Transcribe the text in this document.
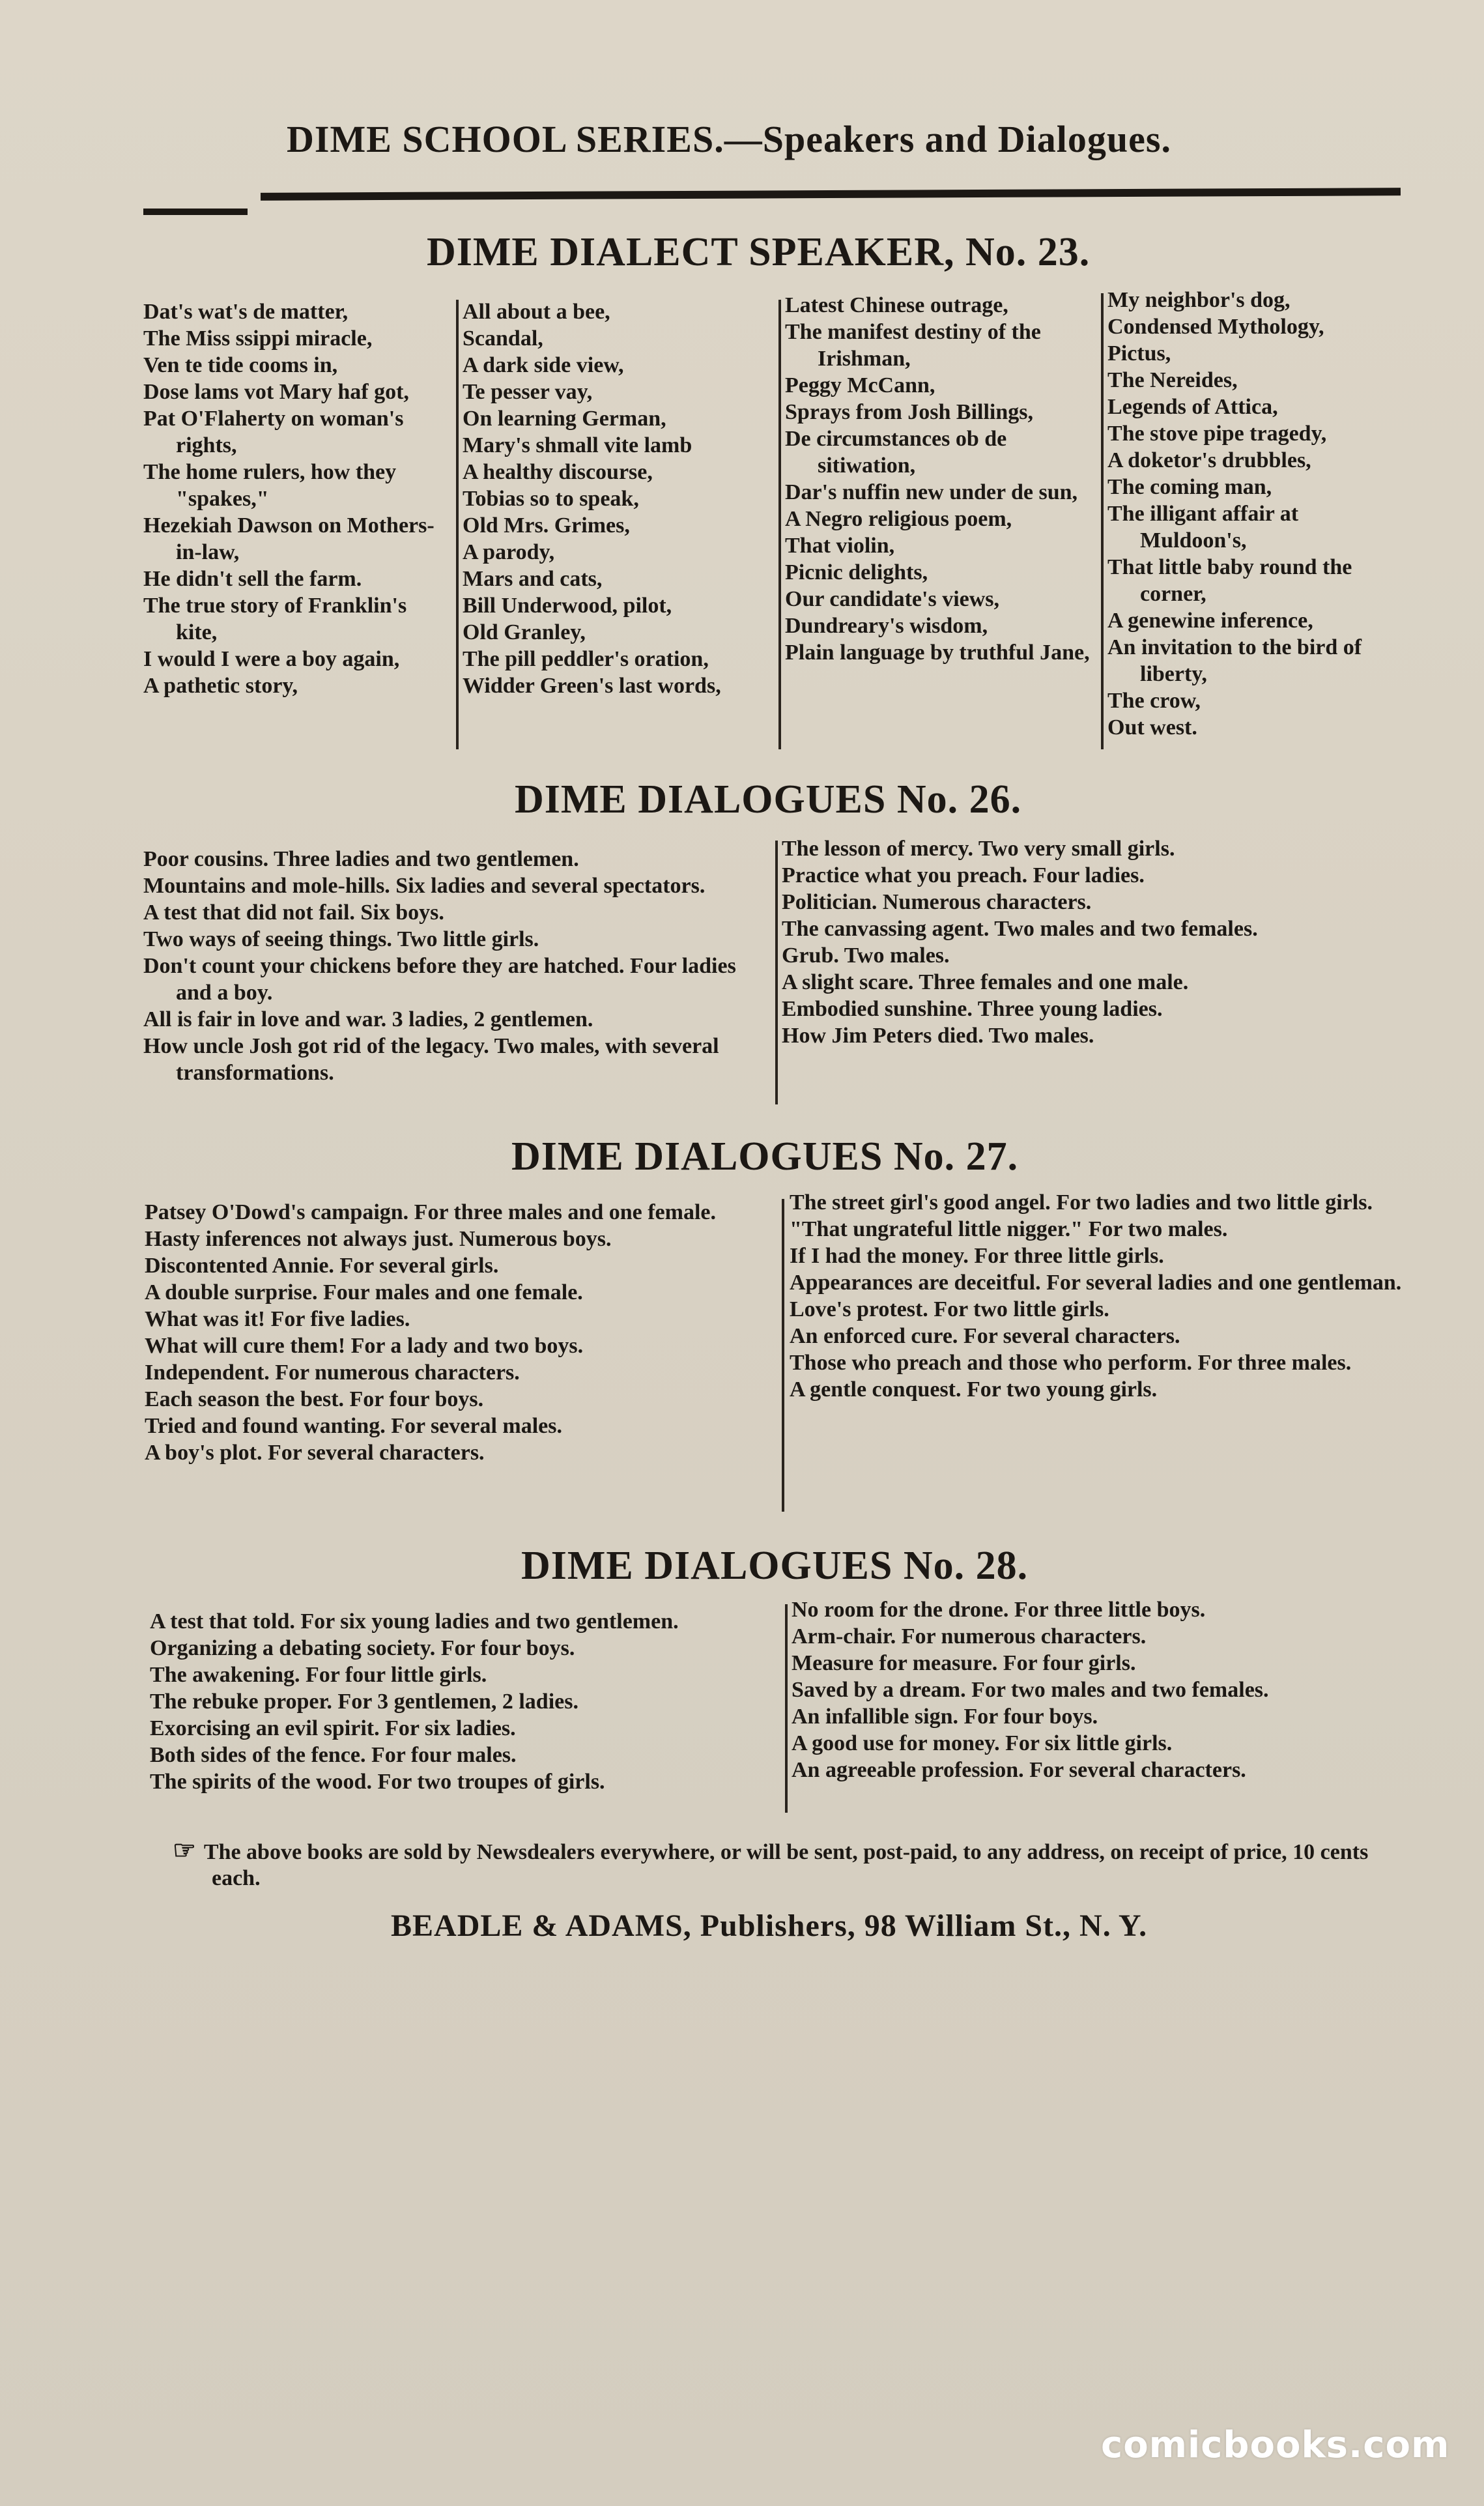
DIME SCHOOL SERIES.—Speakers and Dialogues.
DIME DIALECT SPEAKER, No. 23.
Dat's wat's de matter,
The Miss ssippi miracle,
Ven te tide cooms in,
Dose lams vot Mary haf got,
Pat O'Flaherty on woman's rights,
The home rulers, how they "spakes,"
Hezekiah Dawson on Mothers-in-law,
He didn't sell the farm.
The true story of Franklin's kite,
I would I were a boy again,
A pathetic story,
All about a bee,
Scandal,
A dark side view,
Te pesser vay,
On learning German,
Mary's shmall vite lamb
A healthy discourse,
Tobias so to speak,
Old Mrs. Grimes,
A parody,
Mars and cats,
Bill Underwood, pilot,
Old Granley,
The pill peddler's oration,
Widder Green's last words,
Latest Chinese outrage,
The manifest destiny of the Irishman,
Peggy McCann,
Sprays from Josh Billings,
De circumstances ob de sitiwation,
Dar's nuffin new under de sun,
A Negro religious poem,
That violin,
Picnic delights,
Our candidate's views,
Dundreary's wisdom,
Plain language by truthful Jane,
My neighbor's dog,
Condensed Mythology,
Pictus,
The Nereides,
Legends of Attica,
The stove pipe tragedy,
A doketor's drubbles,
The coming man,
The illigant affair at Muldoon's,
That little baby round the corner,
A genewine inference,
An invitation to the bird of liberty,
The crow,
Out west.
DIME DIALOGUES No. 26.
Poor cousins. Three ladies and two gentlemen.
Mountains and mole-hills. Six ladies and several spectators.
A test that did not fail. Six boys.
Two ways of seeing things. Two little girls.
Don't count your chickens before they are hatched. Four ladies and a boy.
All is fair in love and war. 3 ladies, 2 gentlemen.
How uncle Josh got rid of the legacy. Two males, with several transformations.
The lesson of mercy. Two very small girls.
Practice what you preach. Four ladies.
Politician. Numerous characters.
The canvassing agent. Two males and two females.
Grub. Two males.
A slight scare. Three females and one male.
Embodied sunshine. Three young ladies.
How Jim Peters died. Two males.
DIME DIALOGUES No. 27.
Patsey O'Dowd's campaign. For three males and one female.
Hasty inferences not always just. Numerous boys.
Discontented Annie. For several girls.
A double surprise. Four males and one female.
What was it! For five ladies.
What will cure them! For a lady and two boys.
Independent. For numerous characters.
Each season the best. For four boys.
Tried and found wanting. For several males.
A boy's plot. For several characters.
The street girl's good angel. For two ladies and two little girls.
"That ungrateful little nigger." For two males.
If I had the money. For three little girls.
Appearances are deceitful. For several ladies and one gentleman.
Love's protest. For two little girls.
An enforced cure. For several characters.
Those who preach and those who perform. For three males.
A gentle conquest. For two young girls.
DIME DIALOGUES No. 28.
A test that told. For six young ladies and two gentlemen.
Organizing a debating society. For four boys.
The awakening. For four little girls.
The rebuke proper. For 3 gentlemen, 2 ladies.
Exorcising an evil spirit. For six ladies.
Both sides of the fence. For four males.
The spirits of the wood. For two troupes of girls.
No room for the drone. For three little boys.
Arm-chair. For numerous characters.
Measure for measure. For four girls.
Saved by a dream. For two males and two females.
An infallible sign. For four boys.
A good use for money. For six little girls.
An agreeable profession. For several characters.
☞ The above books are sold by Newsdealers everywhere, or will be sent, post-paid, to any address, on receipt of price, 10 cents each.
BEADLE & ADAMS, Publishers, 98 William St., N. Y.
comicbooks.com
